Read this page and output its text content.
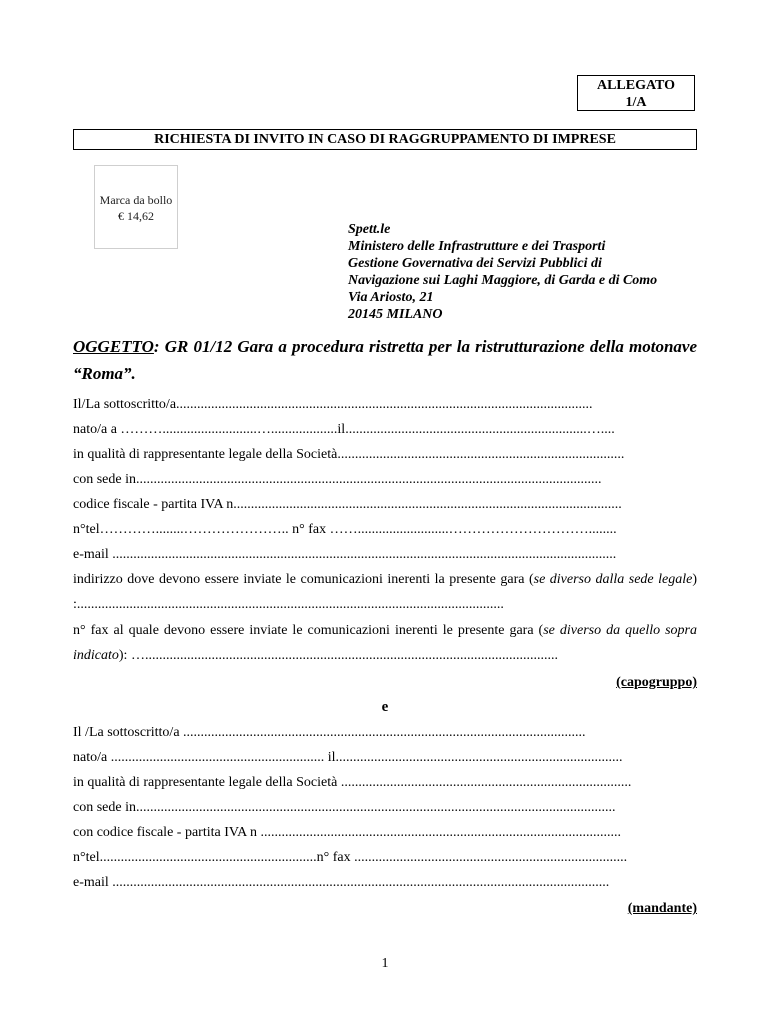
ALLEGATO
1/A
RICHIESTA DI INVITO IN CASO DI RAGGRUPPAMENTO DI IMPRESE
Marca da bollo
€ 14,62
Spett.le
Ministero delle Infrastrutture e dei Trasporti
Gestione Governativa dei Servizi Pubblici di
Navigazione sui Laghi Maggiore, di Garda e di Como
Via Ariosto, 21
20145 MILANO
OGGETTO: GR 01/12 Gara a procedura ristretta per la ristrutturazione della motonave “Roma”.
Il/La sottoscritto/a.......................................................................................................................
nato/a a ………...........................…...................il.....................................................................…....
in qualità di rappresentante legale della Società..................................................................................
con sede in.....................................................................................................................................
codice fiscale - partita IVA n...............................................................................................................
n°tel…………........………………….. n° fax ……..........................…………………………........
e-mail ................................................................................................................................................
indirizzo dove devono essere inviate le comunicazioni inerenti la presente gara (se diverso dalla sede legale) :..........................................................................................................................
n° fax al quale devono essere inviate le comunicazioni inerenti le presente gara (se diverso da quello sopra indicato): …......................................................................................................................
(capogruppo)
e
Il /La sottoscritto/a ...................................................................................................................
nato/a ............................................................. il..................................................................................
in qualità di rappresentante legale della Società ...................................................................................
con sede in.........................................................................................................................................
con codice fiscale - partita IVA n .......................................................................................................
n°tel..............................................................n° fax ..............................................................................
e-mail ..............................................................................................................................................
(mandante)
1
